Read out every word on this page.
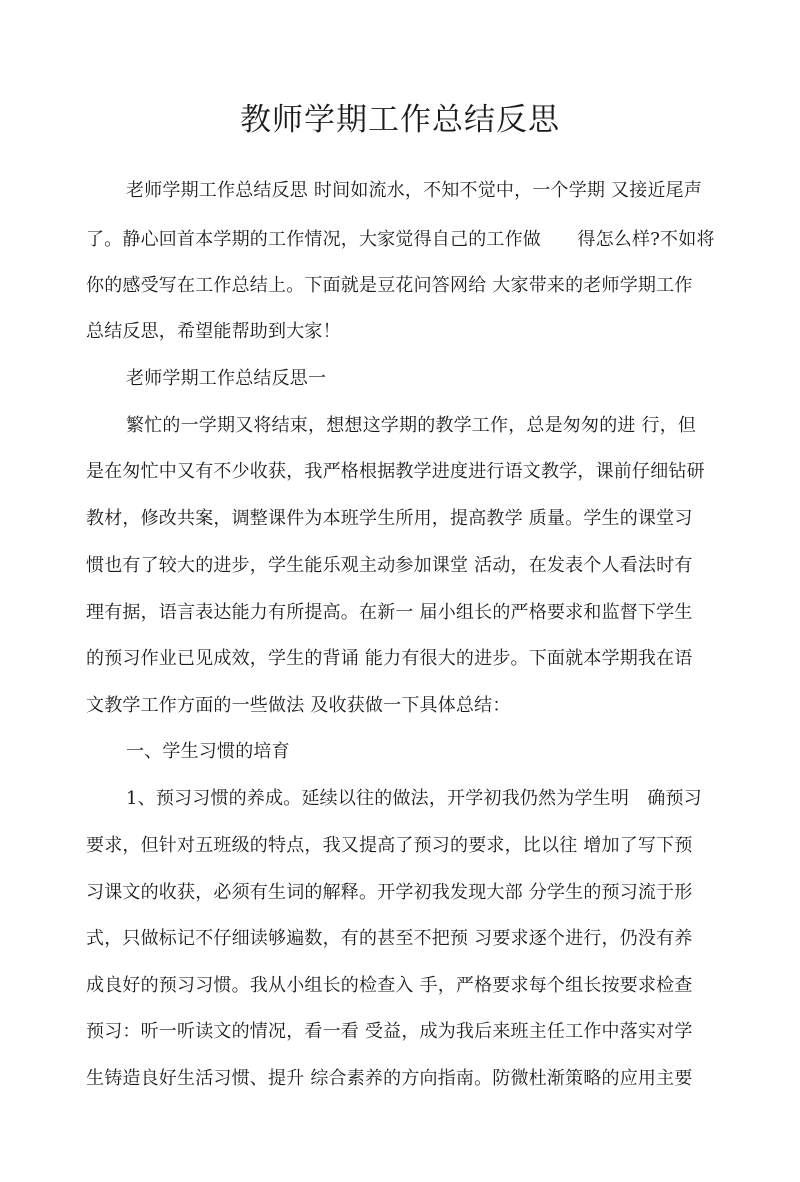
教师学期工作总结反思
老师学期工作总结反思 时间如流水，不知不觉中，一个学期 又接近尾声
了。静心回首本学期的工作情况，大家觉得自己的工作做　　得怎么样?不如将
你的感受写在工作总结上。下面就是豆花问答网给 大家带来的老师学期工作
总结反思，希望能帮助到大家！
老师学期工作总结反思一
繁忙的一学期又将结束，想想这学期的教学工作，总是匆匆的进 行，但
是在匆忙中又有不少收获，我严格根据教学进度进行语文教学，课前仔细钻研
教材，修改共案，调整课件为本班学生所用，提高教学 质量。学生的课堂习
惯也有了较大的进步，学生能乐观主动参加课堂 活动，在发表个人看法时有
理有据，语言表达能力有所提高。在新一 届小组长的严格要求和监督下学生
的预习作业已见成效，学生的背诵 能力有很大的进步。下面就本学期我在语
文教学工作方面的一些做法 及收获做一下具体总结：
一、学生习惯的培育
1、预习习惯的养成。延续以往的做法，开学初我仍然为学生明　确预习
要求，但针对五班级的特点，我又提高了预习的要求，比以往 增加了写下预
习课文的收获，必须有生词的解释。开学初我发现大部 分学生的预习流于形
式，只做标记不仔细读够遍数，有的甚至不把预 习要求逐个进行，仍没有养
成良好的预习习惯。我从小组长的检查入 手，严格要求每个组长按要求检查
预习：听一听读文的情况，看一看 受益，成为我后来班主任工作中落实对学
生铸造良好生活习惯、提升 综合素养的方向指南。防微杜渐策略的应用主要
